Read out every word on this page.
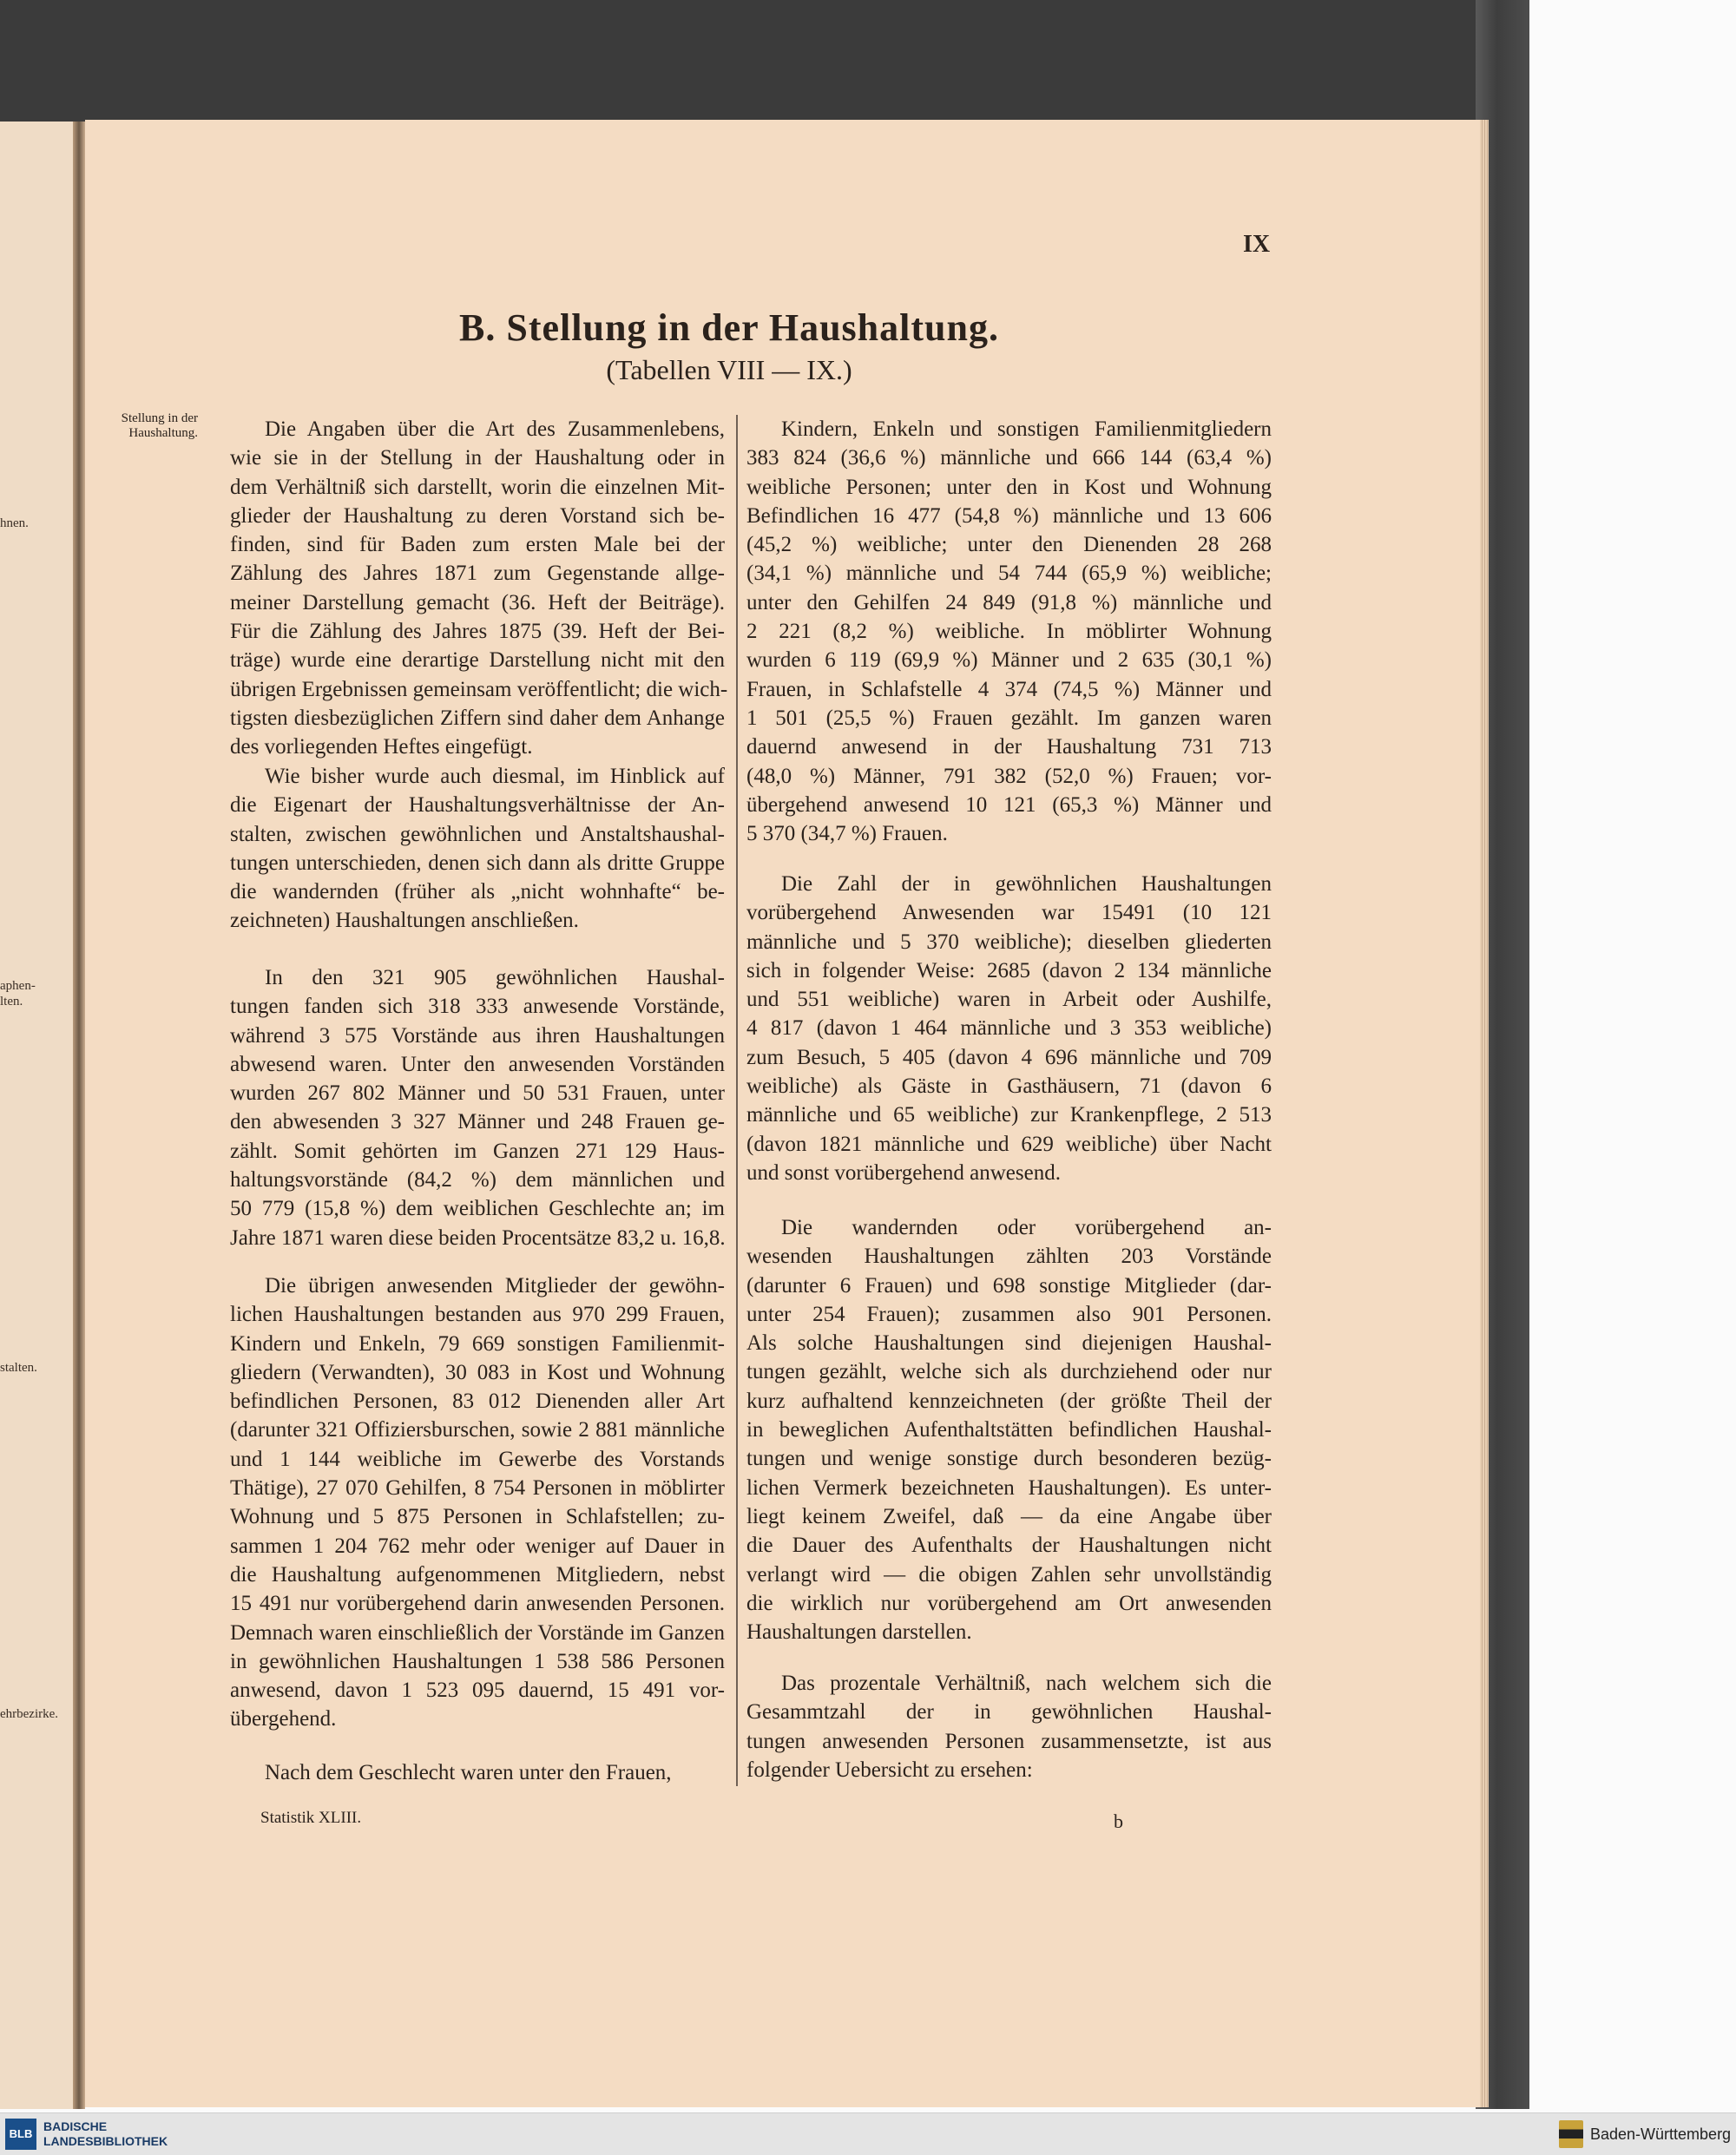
hnen.
aphen-
lten.
stalten.
ehrbezirke.
IX
B. Stellung in der Haushaltung.
(Tabellen VIII — IX.)
Stellung in der Haushaltung.	Die Angaben über die Art des Zusammenlebens,
wie sie in der Stellung in der Haushaltung oder in
dem Verhältniß sich darstellt, worin die einzelnen Mit-
glieder der Haushaltung zu deren Vorstand sich be-
finden, sind für Baden zum ersten Male bei der
Zählung des Jahres 1871 zum Gegenstande allge-
meiner Darstellung gemacht (36. Heft der Beiträge).
Für die Zählung des Jahres 1875 (39. Heft der Bei-
träge) wurde eine derartige Darstellung nicht mit den
übrigen Ergebnissen gemeinsam veröffentlicht; die wich-
tigsten diesbezüglichen Ziffern sind daher dem Anhange
des vorliegenden Heftes eingefügt.
Wie bisher wurde auch diesmal, im Hinblick auf
die Eigenart der Haushaltungsverhältnisse der An-
stalten, zwischen gewöhnlichen und Anstaltshaushal-
tungen unterschieden, denen sich dann als dritte Gruppe
die wandernden (früher als „nicht wohnhafte“ be-
zeichneten) Haushaltungen anschließen.
In den 321 905 gewöhnlichen Haushal-
tungen fanden sich 318 333 anwesende Vorstände,
während 3 575 Vorstände aus ihren Haushaltungen
abwesend waren. Unter den anwesenden Vorständen
wurden 267 802 Männer und 50 531 Frauen, unter
den abwesenden 3 327 Männer und 248 Frauen ge-
zählt. Somit gehörten im Ganzen 271 129 Haus-
haltungsvorstände (84,2 %) dem männlichen und
50 779 (15,8 %) dem weiblichen Geschlechte an; im
Jahre 1871 waren diese beiden Procentsätze 83,2 u. 16,8.
Die übrigen anwesenden Mitglieder der gewöhn-
lichen Haushaltungen bestanden aus 970 299 Frauen,
Kindern und Enkeln, 79 669 sonstigen Familienmit-
gliedern (Verwandten), 30 083 in Kost und Wohnung
befindlichen Personen, 83 012 Dienenden aller Art
(darunter 321 Offiziersburschen, sowie 2 881 männliche
und 1 144 weibliche im Gewerbe des Vorstands
Thätige), 27 070 Gehilfen, 8 754 Personen in möblirter
Wohnung und 5 875 Personen in Schlafstellen; zu-
sammen 1 204 762 mehr oder weniger auf Dauer in
die Haushaltung aufgenommenen Mitgliedern, nebst
15 491 nur vorübergehend darin anwesenden Personen.
Demnach waren einschließlich der Vorstände im Ganzen
in gewöhnlichen Haushaltungen 1 538 586 Personen
anwesend, davon 1 523 095 dauernd, 15 491 vor-
übergehend.
Nach dem Geschlecht waren unter den Frauen,
Kindern, Enkeln und sonstigen Familienmitgliedern
383 824 (36,6 %) männliche und 666 144 (63,4 %)
weibliche Personen; unter den in Kost und Wohnung
Befindlichen 16 477 (54,8 %) männliche und 13 606
(45,2 %) weibliche; unter den Dienenden 28 268
(34,1 %) männliche und 54 744 (65,9 %) weibliche;
unter den Gehilfen 24 849 (91,8 %) männliche und
2 221 (8,2 %) weibliche. In möblirter Wohnung
wurden 6 119 (69,9 %) Männer und 2 635 (30,1 %)
Frauen, in Schlafstelle 4 374 (74,5 %) Männer und
1 501 (25,5 %) Frauen gezählt. Im ganzen waren
dauernd anwesend in der Haushaltung 731 713
(48,0 %) Männer, 791 382 (52,0 %) Frauen; vor-
übergehend anwesend 10 121 (65,3 %) Männer und
5 370 (34,7 %) Frauen.
Die Zahl der in gewöhnlichen Haushaltungen
vorübergehend Anwesenden war 15491 (10 121
männliche und 5 370 weibliche); dieselben gliederten
sich in folgender Weise: 2685 (davon 2 134 männliche
und 551 weibliche) waren in Arbeit oder Aushilfe,
4 817 (davon 1 464 männliche und 3 353 weibliche)
zum Besuch, 5 405 (davon 4 696 männliche und 709
weibliche) als Gäste in Gasthäusern, 71 (davon 6
männliche und 65 weibliche) zur Krankenpflege, 2 513
(davon 1821 männliche und 629 weibliche) über Nacht
und sonst vorübergehend anwesend.
Die wandernden oder vorübergehend an-
wesenden Haushaltungen zählten 203 Vorstände
(darunter 6 Frauen) und 698 sonstige Mitglieder (dar-
unter 254 Frauen); zusammen also 901 Personen.
Als solche Haushaltungen sind diejenigen Haushal-
tungen gezählt, welche sich als durchziehend oder nur
kurz aufhaltend kennzeichneten (der größte Theil der
in beweglichen Aufenthaltstätten befindlichen Haushal-
tungen und wenige sonstige durch besonderen bezüg-
lichen Vermerk bezeichneten Haushaltungen). Es unter-
liegt keinem Zweifel, daß — da eine Angabe über
die Dauer des Aufenthalts der Haushaltungen nicht
verlangt wird — die obigen Zahlen sehr unvollständig
die wirklich nur vorübergehend am Ort anwesenden
Haushaltungen darstellen.
Das prozentale Verhältniß, nach welchem sich die
Gesammtzahl der in gewöhnlichen Haushal-
tungen anwesenden Personen zusammensetzte, ist aus
folgender Uebersicht zu ersehen:
Statistik XLIII.	b
BLB
BADISCHE
LANDESBIBLIOTHEK	Baden-Württemberg
